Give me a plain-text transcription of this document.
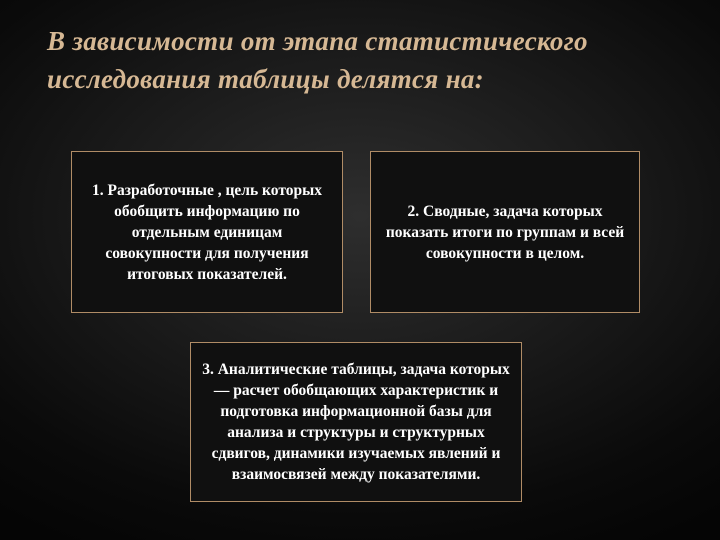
В зависимости от этапа статистического исследования таблицы делятся на:
1. Разработочные , цель которых обобщить информацию по отдельным единицам совокупности для получения итоговых показателей.
2. Сводные, задача которых показать итоги по группам и всей совокупности в целом.
3. Аналитические таблицы, задача которых — расчет обобщающих характеристик и подготовка информационной базы для анализа и структуры и структурных сдвигов, динамики изучаемых явлений и взаимосвязей между показателями.
